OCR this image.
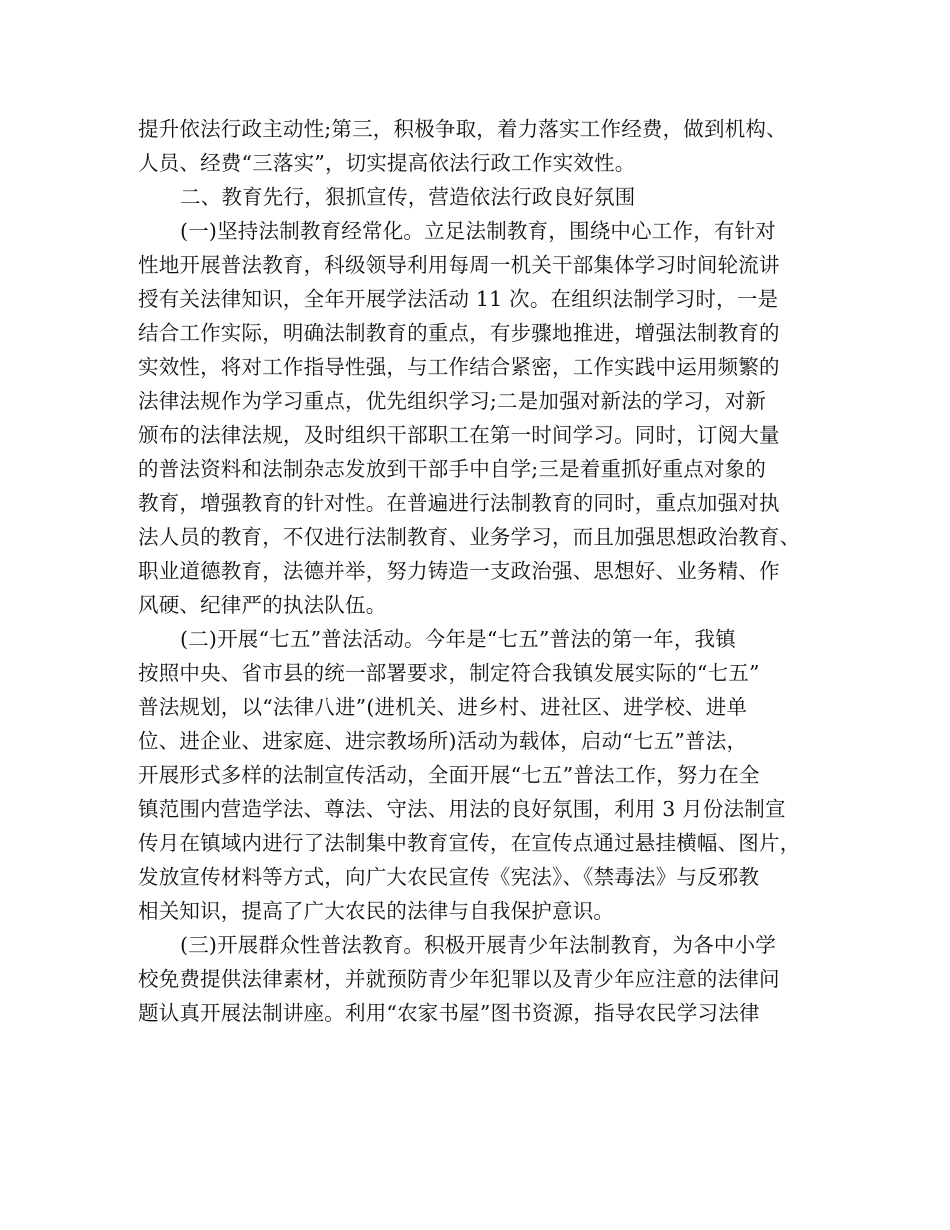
提升依法行政主动性;第三，积极争取，着力落实工作经费，做到机构、
人员、经费“三落实”，切实提高依法行政工作实效性。
二、教育先行，狠抓宣传，营造依法行政良好氛围
(一)坚持法制教育经常化。立足法制教育，围绕中心工作，有针对
性地开展普法教育，科级领导利用每周一机关干部集体学习时间轮流讲
授有关法律知识，全年开展学法活动 11 次。在组织法制学习时，一是
结合工作实际，明确法制教育的重点，有步骤地推进，增强法制教育的
实效性，将对工作指导性强，与工作结合紧密，工作实践中运用频繁的
法律法规作为学习重点，优先组织学习;二是加强对新法的学习，对新
颁布的法律法规，及时组织干部职工在第一时间学习。同时，订阅大量
的普法资料和法制杂志发放到干部手中自学;三是着重抓好重点对象的
教育，增强教育的针对性。在普遍进行法制教育的同时，重点加强对执
法人员的教育，不仅进行法制教育、业务学习，而且加强思想政治教育、
职业道德教育，法德并举，努力铸造一支政治强、思想好、业务精、作
风硬、纪律严的执法队伍。
(二)开展“七五”普法活动。今年是“七五”普法的第一年，我镇
按照中央、省市县的统一部署要求，制定符合我镇发展实际的“七五”
普法规划，以“法律八进”(进机关、进乡村、进社区、进学校、进单
位、进企业、进家庭、进宗教场所)活动为载体，启动“七五”普法，
开展形式多样的法制宣传活动，全面开展“七五”普法工作，努力在全
镇范围内营造学法、尊法、守法、用法的良好氛围，利用 3 月份法制宣
传月在镇域内进行了法制集中教育宣传，在宣传点通过悬挂横幅、图片，
发放宣传材料等方式，向广大农民宣传《宪法》、《禁毒法》与反邪教
相关知识，提高了广大农民的法律与自我保护意识。
(三)开展群众性普法教育。积极开展青少年法制教育，为各中小学
校免费提供法律素材，并就预防青少年犯罪以及青少年应注意的法律问
题认真开展法制讲座。利用“农家书屋”图书资源，指导农民学习法律
